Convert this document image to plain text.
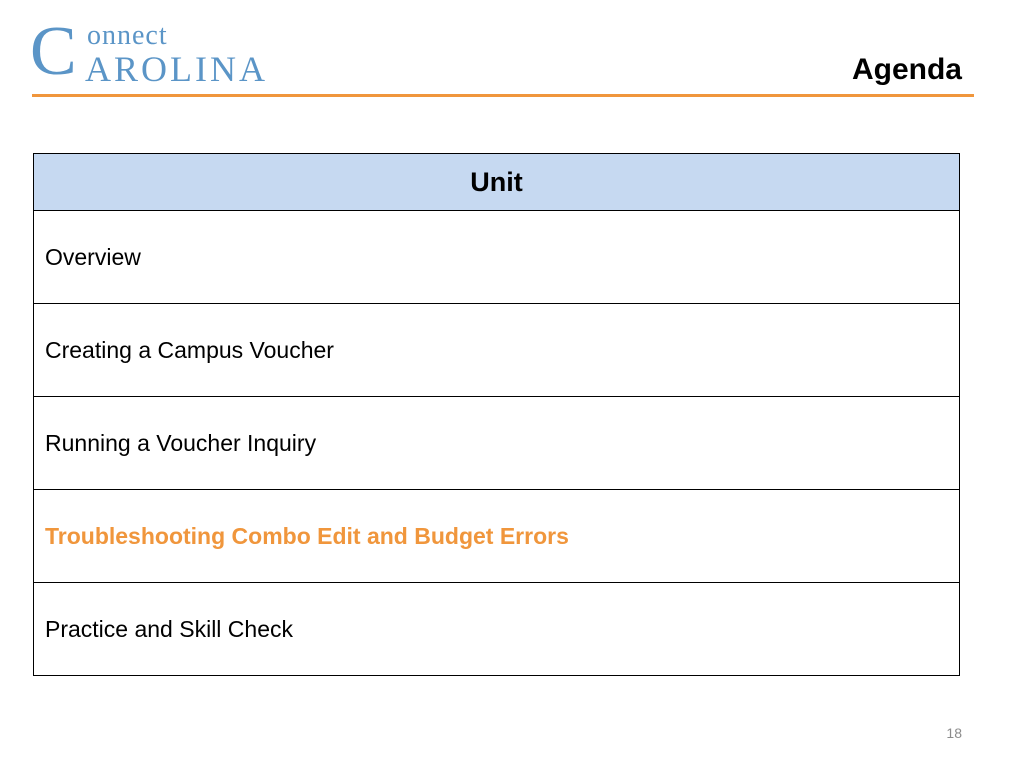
C onnect
AROLINA	Agenda
Unit
Overview
Creating a Campus Voucher
Running a Voucher Inquiry
Troubleshooting Combo Edit and Budget Errors
Practice and Skill Check
18
